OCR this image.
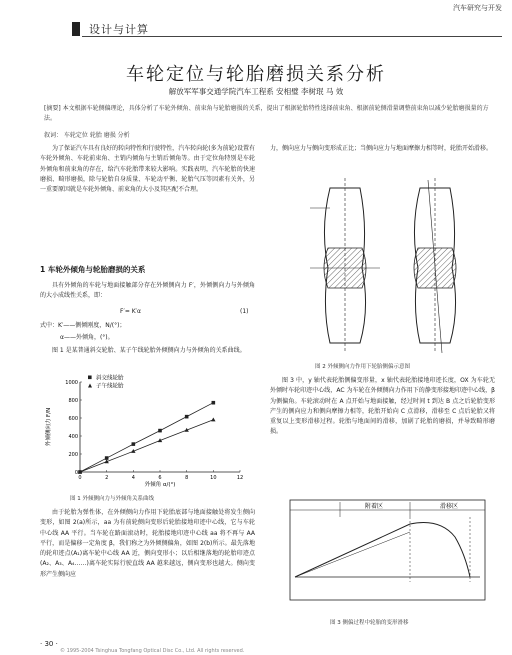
汽车研究与开发
设计与计算
车轮定位与轮胎磨损关系分析
解放军军事交通学院汽车工程系 安相璧 李树珉 马 效
[摘要] 本文根据车轮侧偏理论，具体分析了车轮外倾角、前束角与轮胎磨损的关系，提出了根据轮胎特性选择前束角、根据前轮侧滑量调整前束角以减少轮胎磨损量的方法。
叙词： 车轮定位 轮胎 磨损 分析

为了保证汽车具有良好的转向特性和行驶特性，汽车转向轮(多为前轮)设置有车轮外倾角、车轮前束角、主销内倾角与主销后倾角等。由于定位角特别是车轮外倾角和前束角的存在，给汽车轮胎带来较大影响。实践表明，汽车轮胎的快速磨损、畸形磨损，除与轮胎自身质量、车轮动平衡、轮胎气压等因素有关外，另一重要原因就是车轮外倾角、前束角的大小及其匹配不合理。

1 车轮外倾角与轮胎磨损的关系

具有外倾角的车轮与地面接触部分存在外倾侧向力 F′，外倾侧向力与外倾角的大小成线性关系，即：

F′= K′α	(1)
式中：K′——侧倾刚度，N/(°)；
α——外倾角，(°)。

图 1 是某普通斜交轮胎、某子午线轮胎外倾侧向力与外倾角的关系曲线。

0	2	4	6	8	10	12
0
200
400
600
800
1000
外倾角 α/(°)
外倾侧向力 F/N
斜交线轮胎
子午线轮胎
图 1 外倾侧向力与外倾角关系曲线

由于轮胎为弹性体，在外倾侧向力作用下轮胎底部与地面接触处将发生侧向变形，如图 2(a)所示，aa 为有前轮侧向变形后轮胎接地印迹中心线，它与车轮中心线 AA 平行。当车轮在路面滚动时，轮胎接地印迹中心线 aa 将不再与 AA 平行，而是偏移一定角度 β，我们称之为外倾侧偏角，如图 2(b)所示。最先落地的轮印迹点(A₁)离车轮中心线 AA 近，侧向变形小；以后相继落地的轮胎印迹点(A₂、A₃、A₄……)离车轮实际行驶直线 AA 越来越远，侧向变形也越大。侧向变形产生侧向应

力，侧向应力与侧向变形成正比；当侧向应力与地面摩擦力相等时，轮胎开始滑移。

图 2 外倾侧向力作用下轮胎侧偏示意图

图 3 中，y 轴代表轮胎侧偏变形量，x 轴代表轮胎接地印迹长度，OX 为车轮无外倾时车轮印迹中心线，AC 为车轮在外倾侧向力作用下的静变形接地印迹中心线，β 为侧偏角。车轮滚动时在 A 点开始与地面接触，经过时间 t 到达 B 点之后轮胎变形产生的侧向应力和侧向摩擦力相等，轮胎开始向 C 点滑移，滑移至 C 点后轮胎又将重复以上变形滑移过程。轮胎与地面间的滑移，加剧了轮胎的磨损，并导致畸形磨损。

附着区	滑移区
图 3 侧偏过程中轮胎的变形滑移
· 30 ·
© 1995-2004 Tsinghua Tongfang Optical Disc Co., Ltd. All rights reserved.
